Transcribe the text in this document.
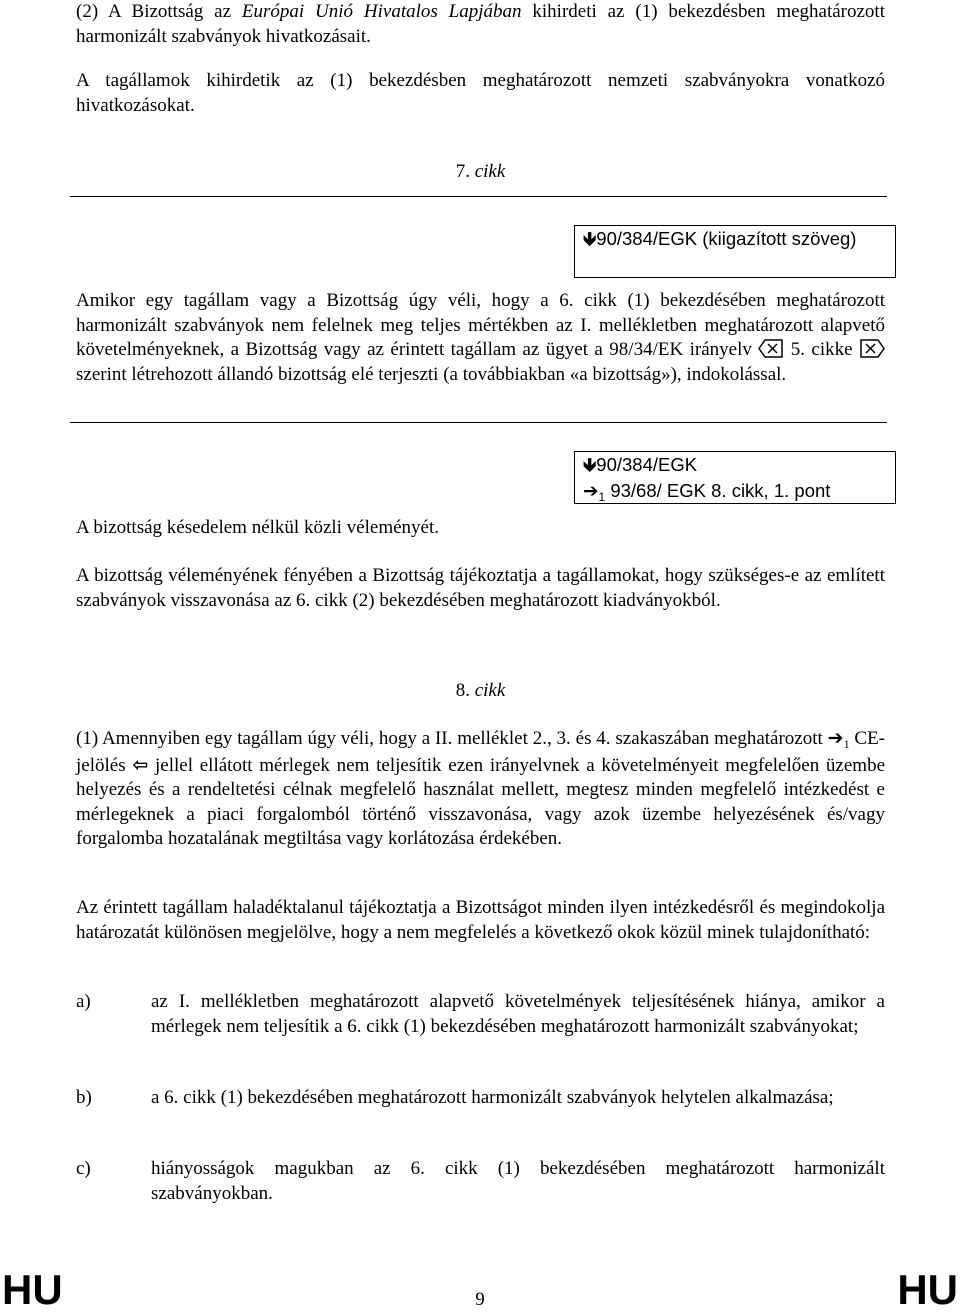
(2) A Bizottság az Európai Unió Hivatalos Lapjában kihirdeti az (1) bekezdésben meghatározott harmonizált szabványok hivatkozásait.

A tagállamok kihirdetik az (1) bekezdésben meghatározott nemzeti szabványokra vonatkozó hivatkozásokat.

7. cikk

🡻90/384/EGK (kiigazított szöveg)

Amikor egy tagállam vagy a Bizottság úgy véli, hogy a 6. cikk (1) bekezdésében meghatározott harmonizált szabványok nem felelnek meg teljes mértékben az I. mellékletben meghatározott alapvető követelményeknek, a Bizottság vagy az érintett tagállam az ügyet a 98/34/EK irányelv 5. cikke  szerint létrehozott állandó bizottság elé terjeszti (a továbbiakban «a bizottság»), indokolással.

🡻90/384/EGK
$➔_1$ 93/68/ EGK 8. cikk, 1. pont

A bizottság késedelem nélkül közli véleményét.

A bizottság véleményének fényében a Bizottság tájékoztatja a tagállamokat, hogy szükséges-e az említett szabványok visszavonása az 6. cikk (2) bekezdésében meghatározott kiadványokból.

8. cikk

(1) Amennyiben egy tagállam úgy véli, hogy a II. melléklet 2., 3. és 4. szakaszában meghatározott $➔_1$ CE-jelölés ⇦ jellel ellátott mérlegek nem teljesítik ezen irányelvnek a követelményeit megfelelően üzembe helyezés és a rendeltetési célnak megfelelő használat mellett, megtesz minden megfelelő intézkedést e mérlegeknek a piaci forgalomból történő visszavonása, vagy azok üzembe helyezésének és/vagy forgalomba hozatalának megtiltása vagy korlátozása érdekében.

Az érintett tagállam haladéktalanul tájékoztatja a Bizottságot minden ilyen intézkedésről és megindokolja határozatát különösen megjelölve, hogy a nem megfelelés a következő okok közül minek tulajdonítható:

a)	az I. mellékletben meghatározott alapvető követelmények teljesítésének hiánya, amikor a mérlegek nem teljesítik a 6. cikk (1) bekezdésében meghatározott harmonizált szabványokat;

b)	a 6. cikk (1) bekezdésében meghatározott harmonizált szabványok helytelen alkalmazása;

c)	hiányosságok magukban az 6. cikk (1) bekezdésében meghatározott harmonizált szabványokban.

HU	9	HU
